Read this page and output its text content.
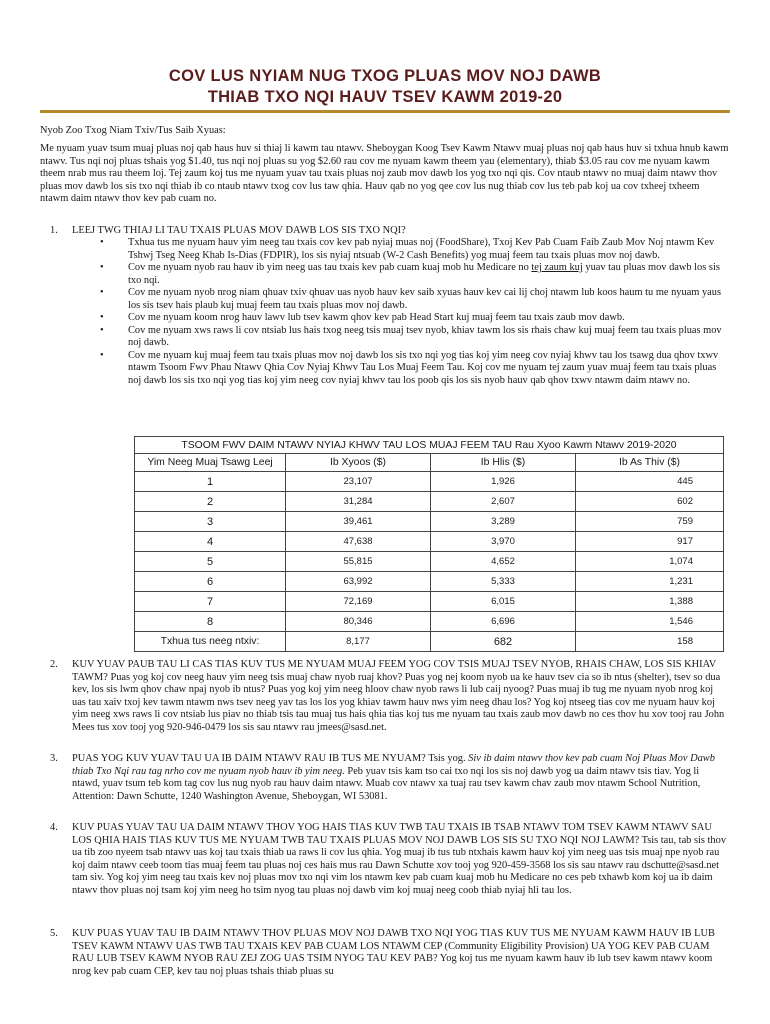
COV LUS NYIAM NUG TXOG PLUAS MOV NOJ DAWB
THIAB TXO NQI HAUV TSEV KAWM 2019-20
Nyob Zoo Txog Niam Txiv/Tus Saib Xyuas:
Me nyuam yuav tsum muaj pluas noj qab haus huv si thiaj li kawm tau ntawv. Sheboygan Koog Tsev Kawm Ntawv muaj pluas noj qab haus huv si txhua hnub kawm ntawv. Tus nqi noj pluas tshais yog $1.40, tus nqi noj pluas su yog $2.60 rau cov me nyuam kawm theem yau (elementary), thiab $3.05 rau cov me nyuam kawm theem nrab mus rau theem loj. Tej zaum koj tus me nyuam yuav tau txais pluas noj zaub mov dawb los yog txo nqi qis. Cov ntaub ntawv no muaj daim ntawv thov pluas mov dawb los sis txo nqi thiab ib co ntaub ntawv txog cov lus taw qhia. Hauv qab no yog qee cov lus nug thiab cov lus teb pab koj ua cov txheej txheem ntawm daim ntawv thov kev pab cuam no.
1. LEEJ TWG THIAJ LI TAU TXAIS PLUAS MOV DAWB LOS SIS TXO NQI?
• Txhua tus me nyuam hauv yim neeg tau txais cov kev pab nyiaj muas noj (FoodShare), Txoj Kev Pab Cuam Faib Zaub Mov Noj ntawm Kev Tshwj Tseg Neeg Khab Is-Dias (FDPIR), los sis nyiaj ntsuab (W-2 Cash Benefits) yog muaj feem tau txais pluas mov noj dawb.
• Cov me nyuam nyob rau hauv ib yim neeg uas tau txais kev pab cuam kuaj mob hu Medicare no tej zaum kuj yuav tau pluas mov dawb los sis txo nqi.
• Cov me nyuam nyob nrog niam qhuav txiv qhuav uas nyob hauv kev saib xyuas hauv kev cai lij choj ntawm lub koos haum tu me nyuam yaus los sis tsev hais plaub kuj muaj feem tau txais pluas mov noj dawb.
• Cov me nyuam koom nrog hauv lawv lub tsev kawm qhov kev pab Head Start kuj muaj feem tau txais zaub mov dawb.
• Cov me nyuam xws raws li cov ntsiab lus hais txog neeg tsis muaj tsev nyob, khiav tawm los sis rhais chaw kuj muaj feem tau txais pluas mov noj dawb.
• Cov me nyuam kuj muaj feem tau txais pluas mov noj dawb los sis txo nqi yog tias koj yim neeg cov nyiaj khwv tau los tsawg dua qhov txwv ntawm Tsoom Fwv Phau Ntawv Qhia Cov Nyiaj Khwv Tau Los Muaj Feem Tau. Koj cov me nyuam tej zaum yuav muaj feem tau txais pluas noj dawb los sis txo nqi yog tias koj yim neeg cov nyiaj khwv tau los poob qis los sis nyob hauv qab qhov txwv ntawm daim ntawv no.
TSOOM FWV DAIM NTAWV NYIAJ KHWV TAU LOS MUAJ FEEM TAU Rau Xyoo Kawm Ntawv 2019-2020			
Yim Neeg Muaj Tsawg Leej	Ib Xyoos ($)	Ib Hlis ($)	Ib As Thiv ($)
1	23,107	1,926	445
2	31,284	2,607	602
3	39,461	3,289	759
4	47,638	3,970	917
5	55,815	4,652	1,074
6	63,992	5,333	1,231
7	72,169	6,015	1,388
8	80,346	6,696	1,546
Txhua tus neeg ntxiv:	8,177	682	158
2. KUV YUAV PAUB TAU LI CAS TIAS KUV TUS ME NYUAM MUAJ FEEM YOG COV TSIS MUAJ TSEV NYOB, RHAIS CHAW, LOS SIS KHIAV TAWM? Puas yog koj cov neeg hauv yim neeg tsis muaj chaw nyob ruaj khov? Puas yog nej koom nyob ua ke hauv tsev cia so ib ntus (shelter), tsev so dua kev, los sis lwm qhov chaw npaj nyob ib ntus? Puas yog koj yim neeg hloov chaw nyob raws li lub caij nyoog? Puas muaj ib tug me nyuam nyob nrog koj uas tau xaiv txoj kev tawm ntawm nws tsev neeg yav tas los los yog khiav tawm hauv nws yim neeg dhau los? Yog koj ntseeg tias cov me nyuam hauv koj yim neeg xws raws li cov ntsiab lus piav no thiab tsis tau muaj tus hais qhia tias koj tus me nyuam tau txais zaub mov dawb no ces thov hu xov tooj rau John Mees tus xov tooj yog 920-946-0479 los sis sau ntawv rau jmees@sasd.net.
3. PUAS YOG KUV YUAV TAU UA IB DAIM NTAWV RAU IB TUS ME NYUAM? Tsis yog. Siv ib daim ntawv thov kev pab cuam Noj Pluas Mov Dawb thiab Txo Nqi rau tag nrho cov me nyuam nyob hauv ib yim neeg. Peb yuav tsis kam tso cai txo nqi los sis noj dawb yog ua daim ntawv tsis tiav. Yog li ntawd, yuav tsum teb kom tag cov lus nug nyob rau hauv daim ntawv. Muab cov ntawv xa tuaj rau tsev kawm chav zaub mov ntawm School Nutrition, Attention: Dawn Schutte, 1240 Washington Avenue, Sheboygan, WI 53081.
4. KUV PUAS YUAV TAU UA DAIM NTAWV THOV YOG HAIS TIAS KUV TWB TAU TXAIS IB TSAB NTAWV TOM TSEV KAWM NTAWV SAU LOS QHIA HAIS TIAS KUV TUS ME NYUAM TWB TAU TXAIS PLUAS MOV NOJ DAWB LOS SIS SU TXO NQI NOJ LAWM? Tsis tau, tab sis thov ua tib zoo nyeem tsab ntawv uas koj tau txais thiab ua raws li cov lus qhia. Yog muaj ib tus tub ntxhais kawm hauv koj yim neeg uas tsis muaj npe nyob rau koj daim ntawv ceeb toom tias muaj feem tau pluas noj ces hais mus rau Dawn Schutte xov tooj yog 920-459-3568 los sis sau ntawv rau dschutte@sasd.net tam siv. Yog koj yim neeg tau txais kev noj pluas mov txo nqi vim los ntawm kev pab cuam kuaj mob hu Medicare no ces peb txhawb kom koj ua ib daim ntawv thov pluas noj tsam koj yim neeg ho tsim nyog tau pluas noj dawb vim koj muaj neeg coob thiab nyiaj hli tau los.
5. KUV PUAS YUAV TAU IB DAIM NTAWV THOV PLUAS MOV NOJ DAWB TXO NQI YOG TIAS KUV TUS ME NYUAM KAWM HAUV IB LUB TSEV KAWM NTAWV UAS TWB TAU TXAIS KEV PAB CUAM LOS NTAWM CEP (Community Eligibility Provision) UA YOG KEV PAB CUAM RAU LUB TSEV KAWM NYOB RAU ZEJ ZOG UAS TSIM NYOG TAU KEV PAB? Yog koj tus me nyuam kawm hauv ib lub tsev kawm ntawv koom nrog kev pab cuam CEP, kev tau noj pluas tshais thiab pluas su
